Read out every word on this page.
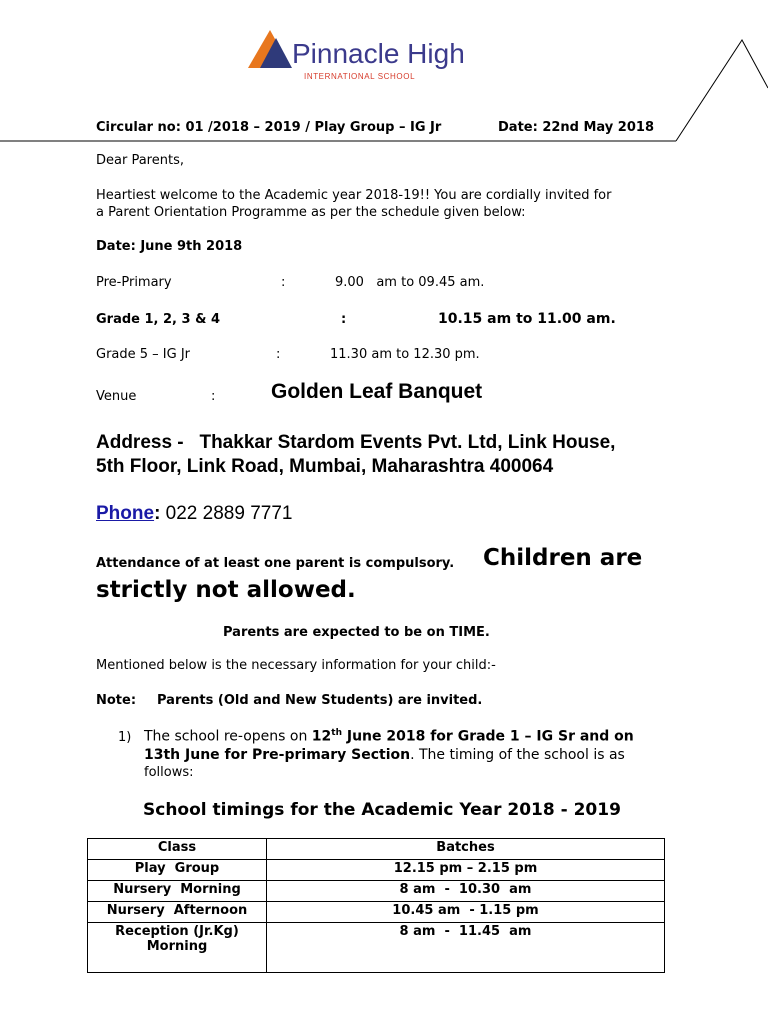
Pinnacle High
INTERNATIONAL SCHOOL
Circular no: 01 /2018 – 2019 / Play Group – IG Jr	Date: 22nd May 2018
Dear Parents,
Heartiest welcome to the Academic year 2018-19!! You are cordially invited for
a Parent Orientation Programme as per the schedule given below:
Date: June 9th 2018
Pre-Primary	:	9.00   am to 09.45 am.
Grade 1, 2, 3 & 4	:	10.15 am to 11.00 am.
Grade 5 – IG Jr	:	11.30 am to 12.30 pm.
Venue	:	Golden Leaf Banquet
Address -   Thakkar Stardom Events Pvt. Ltd, Link House,
5th Floor, Link Road, Mumbai, Maharashtra 400064
Phone: 022 2889 7771
Attendance of at least one parent is compulsory. Children are
strictly not allowed.
Parents are expected to be on TIME.
Mentioned below is the necessary information for your child:-
Note: Parents (Old and New Students) are invited.
1) The school re-opens on 12th June 2018 for Grade 1 – IG Sr and on
13th June for Pre-primary Section. The timing of the school is as
follows:
School timings for the Academic Year 2018 - 2019
Class	Batches
Play  Group	12.15 pm – 2.15 pm
Nursery  Morning	8 am  -  10.30  am
Nursery  Afternoon	10.45 am  - 1.15 pm

Reception (Jr.Kg)
Morning	8 am  -  11.45  am
